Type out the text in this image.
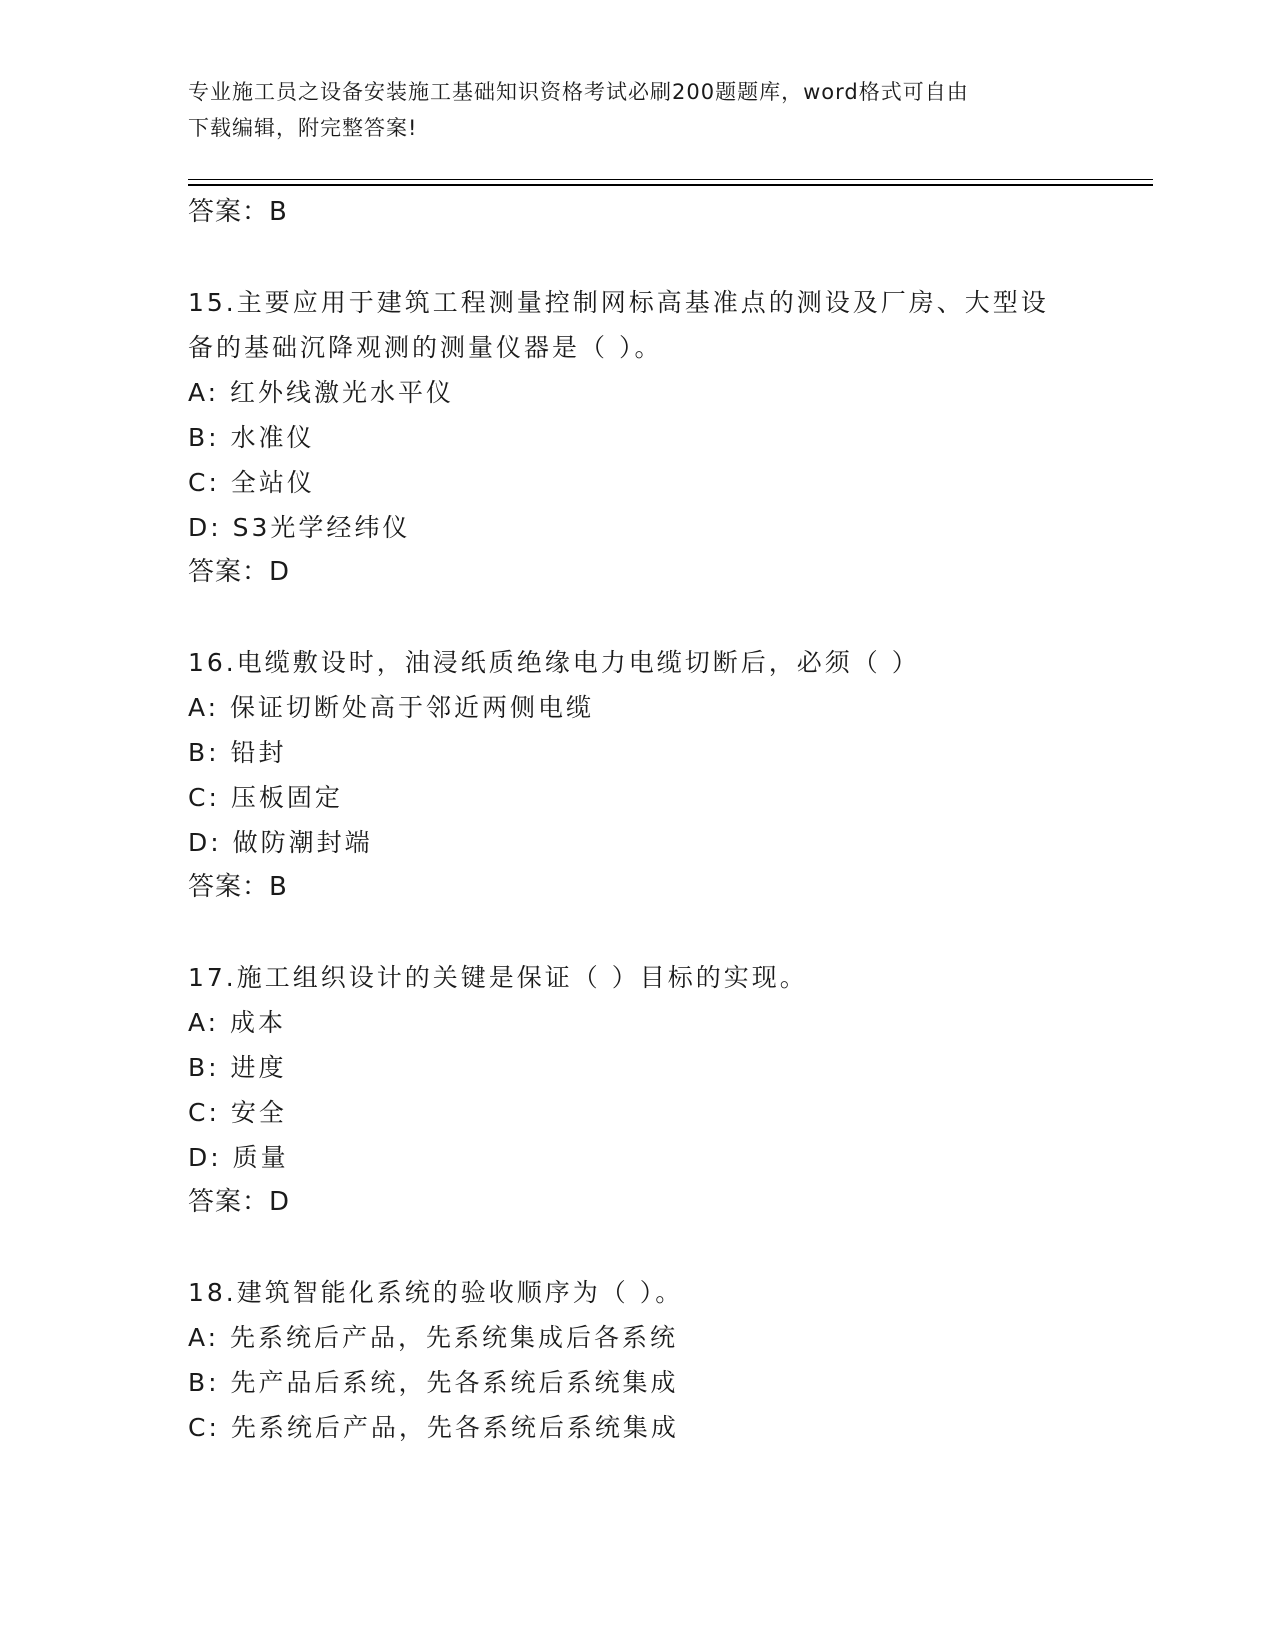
专业施工员之设备安装施工基础知识资格考试必刷200题题库，word格式可自由
下载编辑，附完整答案!
答案：B
15.主要应用于建筑工程测量控制网标高基准点的测设及厂房、大型设备的基础沉降观测的测量仪器是（ ）。
A: 红外线激光水平仪
B: 水准仪
C: 全站仪
D: S3光学经纬仪
答案：D
16.电缆敷设时，油浸纸质绝缘电力电缆切断后，必须（ ）
A: 保证切断处高于邻近两侧电缆
B: 铅封
C: 压板固定
D: 做防潮封端
答案：B
17.施工组织设计的关键是保证（ ）目标的实现。
A: 成本
B: 进度
C: 安全
D: 质量
答案：D
18.建筑智能化系统的验收顺序为（ ）。
A: 先系统后产品，先系统集成后各系统
B: 先产品后系统，先各系统后系统集成
C: 先系统后产品，先各系统后系统集成
